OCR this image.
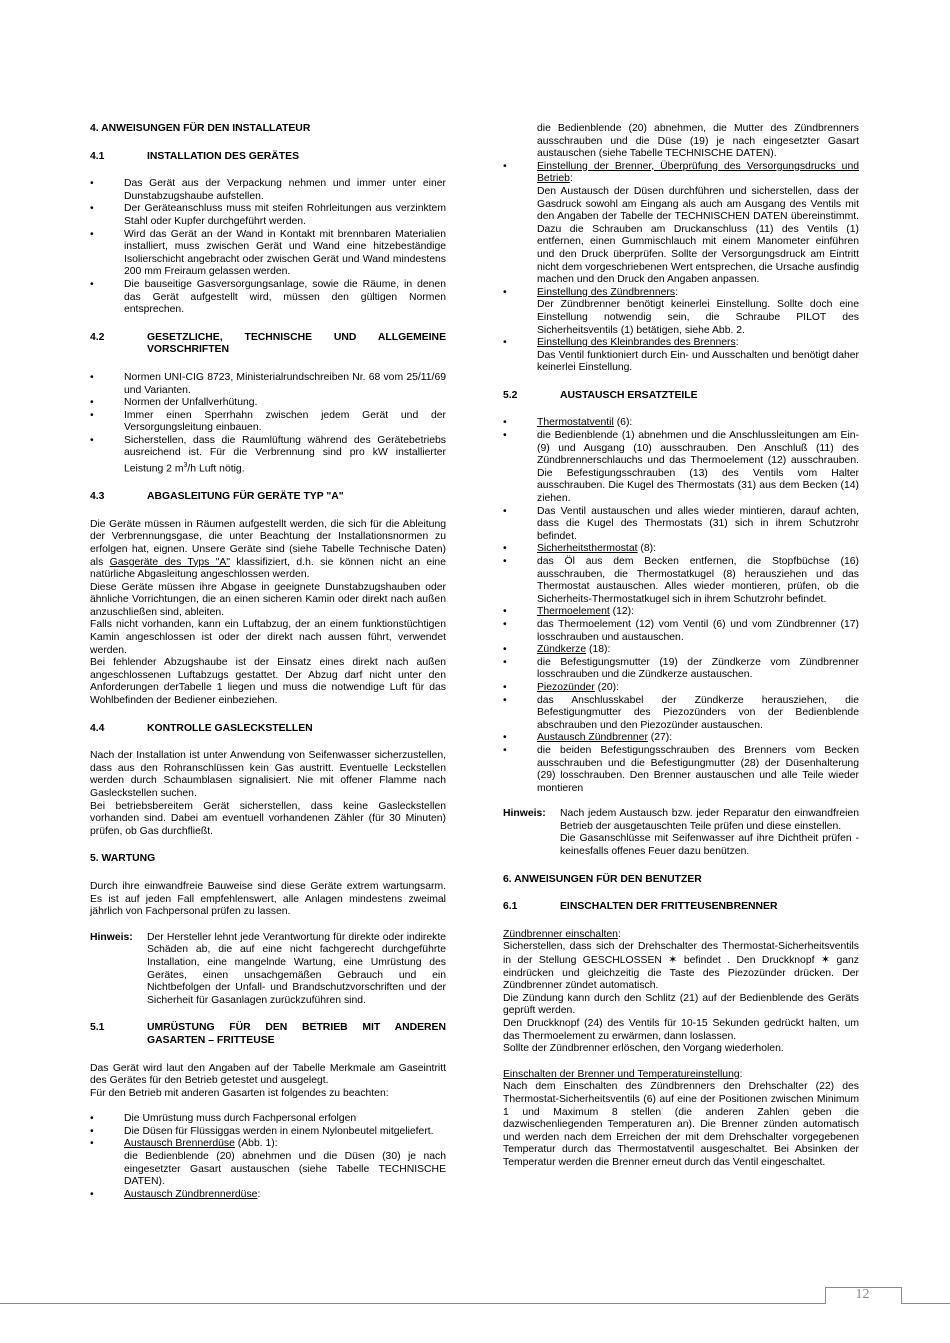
4. ANWEISUNGEN FÜR DEN INSTALLATEUR
4.1	INSTALLATION DES GERÄTES
• Das Gerät aus der Verpackung nehmen und immer unter einer Dunstabzugshaube aufstellen.
• Der Geräteanschluss muss mit steifen Rohrleitungen aus verzinktem Stahl oder Kupfer durchgeführt werden.
• Wird das Gerät an der Wand in Kontakt mit brennbaren Materialien installiert, muss zwischen Gerät und Wand eine hitzebeständige Isolierschicht angebracht oder zwischen Gerät und Wand mindestens 200 mm Freiraum gelassen werden.
• Die bauseitige Gasversorgungsanlage, sowie die Räume, in denen das Gerät aufgestellt wird, müssen den gültigen Normen entsprechen.
4.2	GESETZLICHE, TECHNISCHE UND ALLGEMEINE VORSCHRIFTEN
• Normen UNI-CIG 8723, Ministerialrundschreiben Nr. 68 vom 25/11/69 und Varianten.
• Normen der Unfallverhütung.
• Immer einen Sperrhahn zwischen jedem Gerät und der Versorgungsleitung einbauen.
• Sicherstellen, dass die Raumlüftung während des Gerätebetriebs ausreichend ist. Für die Verbrennung sind pro kW installierter Leistung 2 $m^3/h$ Luft nötig.
4.3	ABGASLEITUNG FÜR GERÄTE TYP "A"

Die Geräte müssen in Räumen aufgestellt werden, die sich für die Ableitung der Verbrennungsgase, die unter Beachtung der Installationsnormen zu erfolgen hat, eignen. Unsere Geräte sind (siehe Tabelle Technische Daten) als Gasgeräte des Typs "A" klassifiziert, d.h. sie können nicht an eine natürliche Abgasleitung angeschlossen werden.

Diese Geräte müssen ihre Abgase in geeignete Dunstabzugshauben oder ähnliche Vorrichtungen, die an einen sicheren Kamin oder direkt nach außen anzuschließen sind, ableiten.

Falls nicht vorhanden, kann ein Luftabzug, der an einem funktionstüchtigen Kamin angeschlossen ist oder der direkt nach aussen führt, verwendet werden.

Bei fehlender Abzugshaube ist der Einsatz eines direkt nach außen angeschlossenen Luftabzugs gestattet. Der Abzug darf nicht unter den Anforderungen derTabelle 1 liegen und muss die notwendige Luft für das Wohlbefinden der Bediener einbeziehen.

4.4	KONTROLLE GASLECKSTELLEN

Nach der Installation ist unter Anwendung von Seifenwasser sicherzustellen, dass aus den Rohranschlüssen kein Gas austritt. Eventuelle Leckstellen werden durch Schaumblasen signalisiert. Nie mit offener Flamme nach Gasleckstellen suchen.

Bei betriebsbereitem Gerät sicherstellen, dass keine Gasleckstellen vorhanden sind. Dabei am eventuell vorhandenen Zähler (für 30 Minuten) prüfen, ob Gas durchfließt.

5. WARTUNG

Durch ihre einwandfreie Bauweise sind diese Geräte extrem wartungsarm. Es ist auf jeden Fall empfehlenswert, alle Anlagen mindestens zweimal jährlich von Fachpersonal prüfen zu lassen.

Hinweis:	Der Hersteller lehnt jede Verantwortung für direkte oder indirekte Schäden ab, die auf eine nicht fachgerecht durchgeführte Installation, eine mangelnde Wartung, eine Umrüstung des Gerätes, einen unsachgemäßen Gebrauch und ein Nichtbefolgen der Unfall- und Brandschutzvorschriften und der Sicherheit für Gasanlagen zurückzuführen sind.
5.1	UMRÜSTUNG FÜR DEN BETRIEB MIT ANDEREN GASARTEN – FRITTEUSE

Das Gerät wird laut den Angaben auf der Tabelle Merkmale am Gaseintritt des Gerätes für den Betrieb getestet und ausgelegt.

Für den Betrieb mit anderen Gasarten ist folgendes zu beachten:

• Die Umrüstung muss durch Fachpersonal erfolgen
• Die Düsen für Flüssiggas werden in einem Nylonbeutel mitgeliefert.
• Austausch Brennerdüse (Abb. 1):
die Bedienblende (20) abnehmen und die Düsen (30) je nach eingesetzter Gasart austauschen (siehe Tabelle TECHNISCHE DATEN).
• Austausch Zündbrennerdüse:

die Bedienblende (20) abnehmen, die Mutter des Zündbrenners ausschrauben und die Düse (19) je nach eingesetzter Gasart austauschen (siehe Tabelle TECHNISCHE DATEN).

• Einstellung der Brenner, Überprüfung des Versorgungsdrucks und Betrieb:
Den Austausch der Düsen durchführen und sicherstellen, dass der Gasdruck sowohl am Eingang als auch am Ausgang des Ventils mit den Angaben der Tabelle der TECHNISCHEN DATEN übereinstimmt. Dazu die Schrauben am Druckanschluss (11) des Ventils (1) entfernen, einen Gummischlauch mit einem Manometer einführen und den Druck überprüfen. Sollte der Versorgungsdruck am Eintritt nicht dem vorgeschriebenen Wert entsprechen, die Ursache ausfindig machen und den Druck den Angaben anpassen.
• Einstellung des Zündbrenners:
Der Zündbrenner benötigt keinerlei Einstellung. Sollte doch eine Einstellung notwendig sein, die Schraube PILOT des Sicherheitsventils (1) betätigen, siehe Abb. 2.
• Einstellung des Kleinbrandes des Brenners:
Das Ventil funktioniert durch Ein- und Ausschalten und benötigt daher keinerlei Einstellung.
5.2	AUSTAUSCH ERSATZTEILE
• Thermostatventil (6):
• die Bedienblende (1) abnehmen und die Anschlussleitungen am Ein- (9) und Ausgang (10) ausschrauben. Den Anschluß (11) des Zündbrennerschlauchs und das Thermoelement (12) ausschrauben. Die Befestigungsschrauben (13) des Ventils vom Halter ausschrauben. Die Kugel des Thermostats (31) aus dem Becken (14) ziehen.
• Das Ventil austauschen und alles wieder mintieren, darauf achten, dass die Kugel des Thermostats (31) sich in ihrem Schutzrohr befindet.
• Sicherheitsthermostat (8):
• das Öl aus dem Becken entfernen, die Stopfbüchse (16) ausschrauben, die Thermostatkugel (8) herausziehen und das Thermostat austauschen. Alles wieder montieren, prüfen, ob die Sicherheits-Thermostatkugel sich in ihrem Schutzrohr befindet.
• Thermoelement (12):
• das Thermoelement (12) vom Ventil (6) und vom Zündbrenner (17) losschrauben und austauschen.
• Zündkerze (18):
• die Befestigungsmutter (19) der Zündkerze vom Zündbrenner losschrauben und die Zündkerze austauschen.
• Piezozünder (20):
• das Anschlusskabel der Zündkerze herausziehen, die Befestigungmutter des Piezozünders von der Bedienblende abschrauben und den Piezozünder austauschen.
• Austausch Zündbrenner (27):
• die beiden Befestigungsschrauben des Brenners vom Becken ausschrauben und die Befestigungmutter (28) der Düsenhalterung (29) losschrauben. Den Brenner austauschen und alle Teile wieder montieren
Hinweis:	Nach jedem Austausch bzw. jeder Reparatur den einwandfreien Betrieb der ausgetauschten Teile prüfen und diese einstellen.
Die Gasanschlüsse mit Seifenwasser auf ihre Dichtheit prüfen - keinesfalls offenes Feuer dazu benützen.
6. ANWEISUNGEN FÜR DEN BENUTZER
6.1	EINSCHALTEN DER FRITTEUSENBRENNER

Zündbrenner einschalten:

Sicherstellen, dass sich der Drehschalter des Thermostat-Sicherheitsventils in der Stellung GESCHLOSSEN ✶ befindet . Den Druckknopf ✶ ganz eindrücken und gleichzeitig die Taste des Piezozünder drücken. Der Zündbrenner zündet automatisch.

Die Zündung kann durch den Schlitz (21) auf der Bedienblende des Geräts geprüft werden.

Den Druckknopf (24) des Ventils für 10-15 Sekunden gedrückt halten, um das Thermoelement zu erwärmen, dann loslassen.

Sollte der Zündbrenner erlöschen, den Vorgang wiederholen.

Einschalten der Brenner und Temperatureinstellung:

Nach dem Einschalten des Zündbrenners den Drehschalter (22) des Thermostat-Sicherheitsventils (6) auf eine der Positionen zwischen Minimum 1 und Maximum 8 stellen (die anderen Zahlen geben die dazwischenliegenden Temperaturen an). Die Brenner zünden automatisch und werden nach dem Erreichen der mit dem Drehschalter vorgegebenen Temperatur durch das Thermostatventil ausgeschaltet. Bei Absinken der Temperatur werden die Brenner erneut durch das Ventil eingeschaltet.

12
